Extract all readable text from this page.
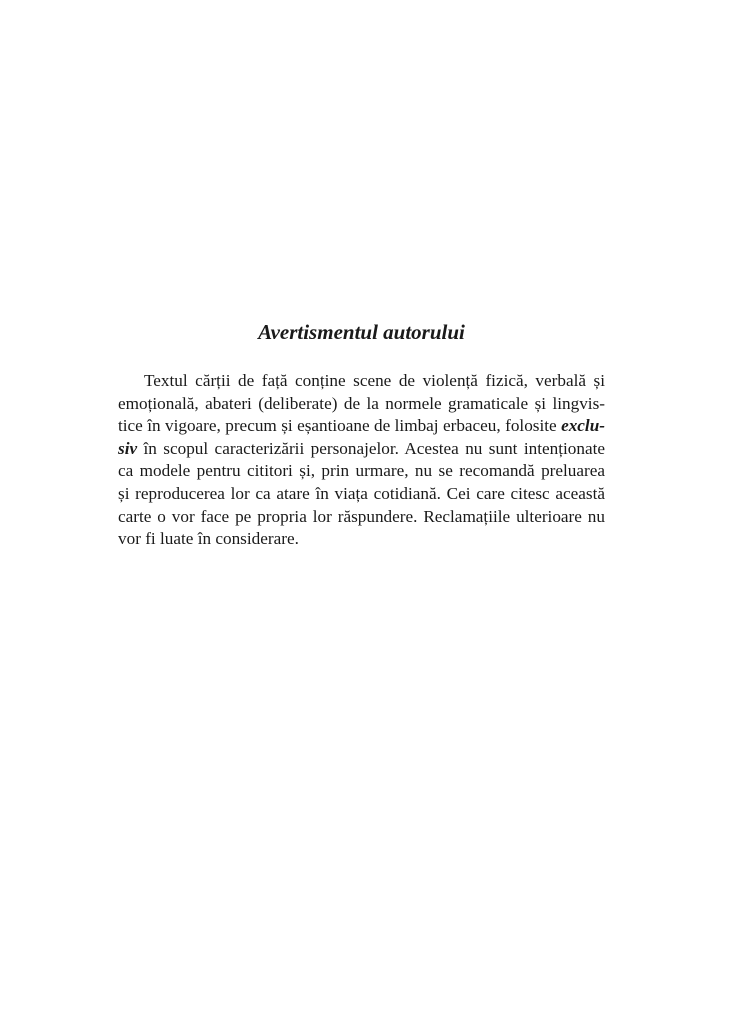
Avertismentul autorului
Textul cărții de față conține scene de violență fizică, verbală și
emoțională, abateri (deliberate) de la normele gramaticale și lingvis-
tice în vigoare, precum și eșantioane de limbaj erbaceu, folosite exclu-
siv în scopul caracterizării personajelor. Acestea nu sunt intenționate
ca modele pentru cititori și, prin urmare, nu se recomandă preluarea
și reproducerea lor ca atare în viața cotidiană. Cei care citesc această
carte o vor face pe propria lor răspundere. Reclamațiile ulterioare nu
vor fi luate în considerare.
